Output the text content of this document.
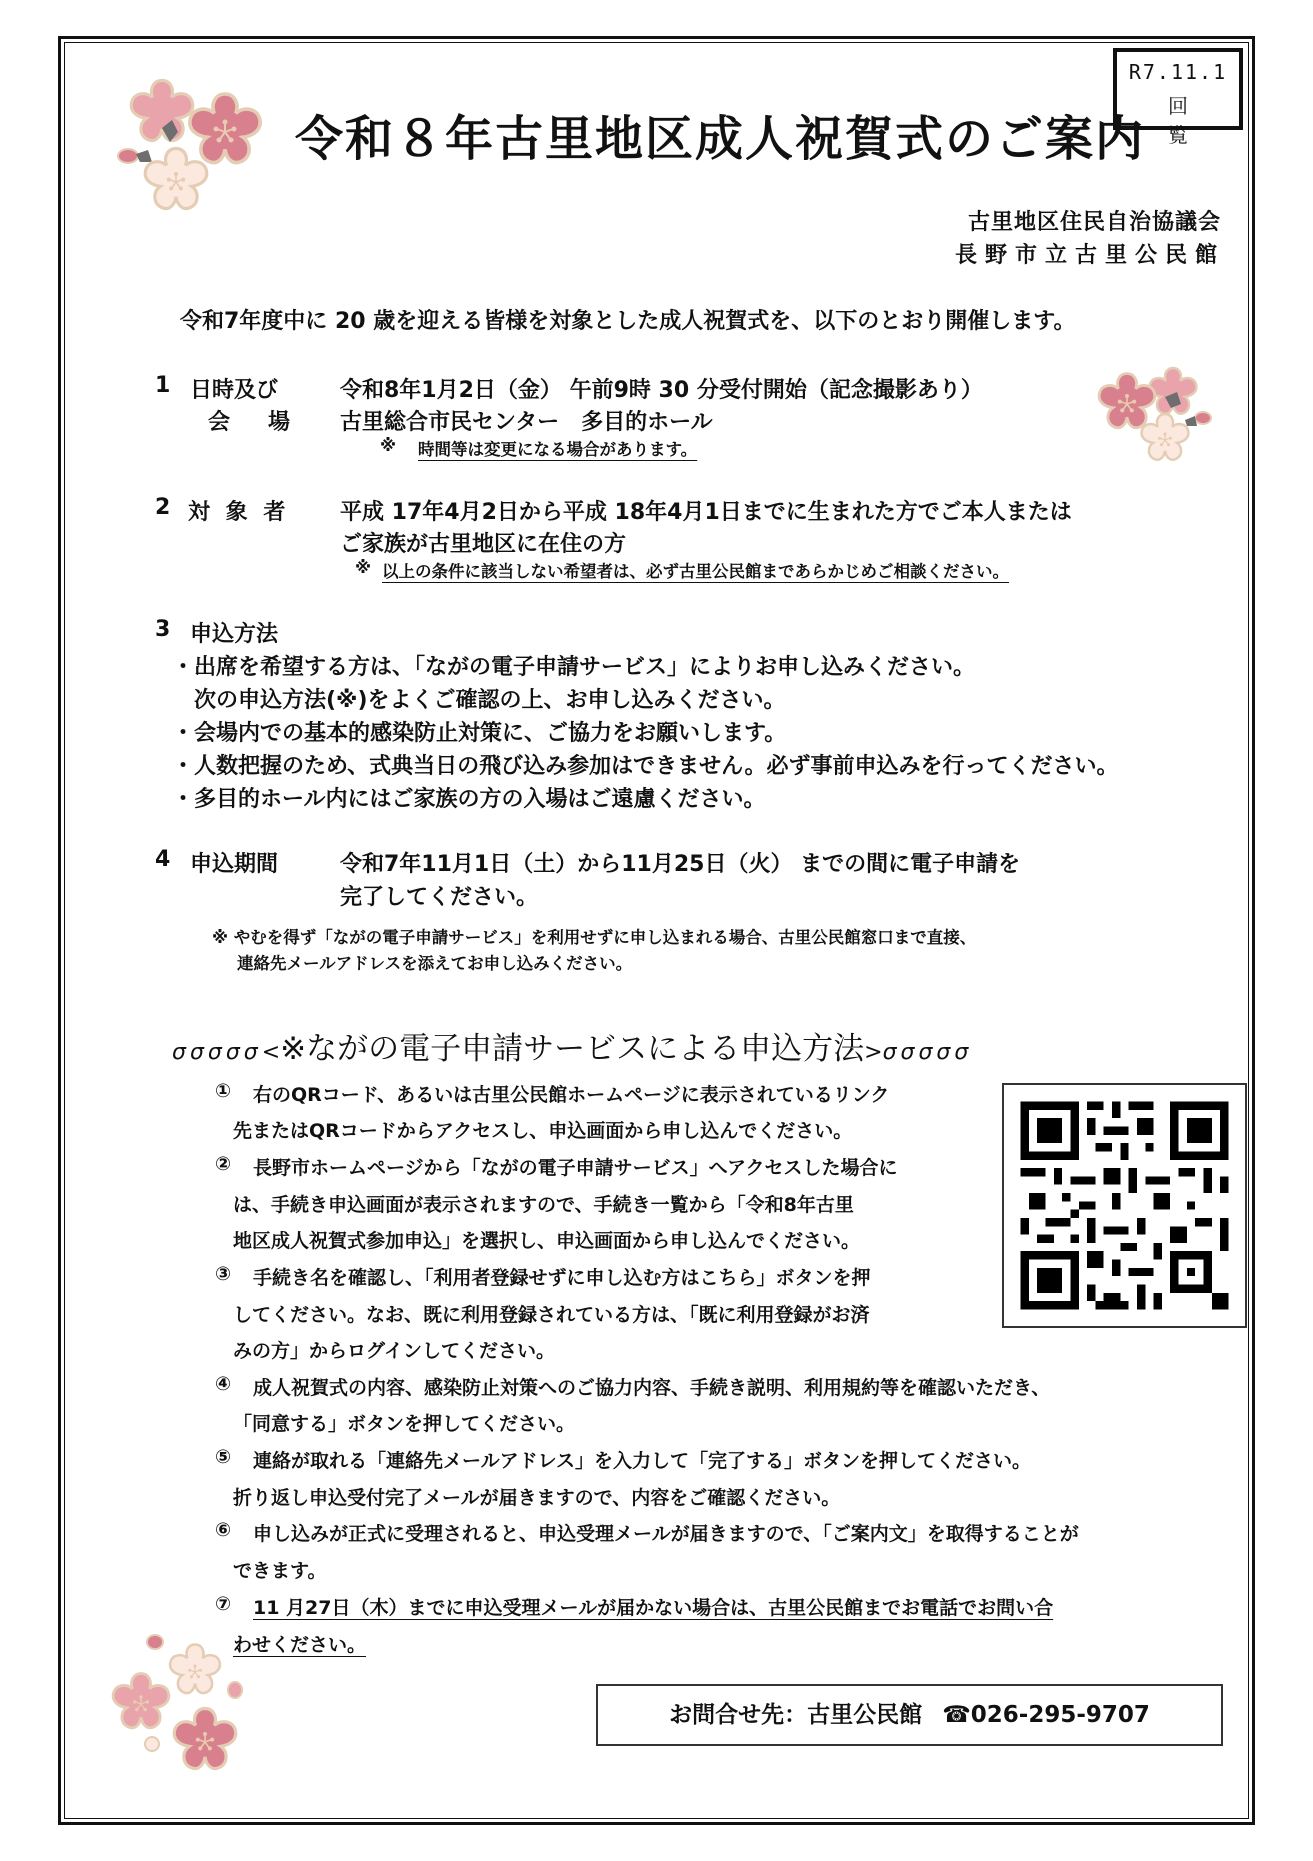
R7.11.1
回　覧
令和８年古里地区成人祝賀式のご案内
古里地区住民自治協議会
長野市立古里公民館
令和7年度中に 20 歳を迎える皆様を対象とした成人祝賀式を、以下のとおり開催します。
1 日時及び
会　場
令和8年1月2日（金） 午前9時 30 分受付開始（記念撮影あり）
古里総合市民センター　多目的ホール
※ 時間等は変更になる場合があります。
2 対 象 者 平成 17年4月2日から平成 18年4月1日までに生まれた方でご本人または
ご家族が古里地区に在住の方
※ 以上の条件に該当しない希望者は、必ず古里公民館まであらかじめご相談ください。
3 申込方法
・出席を希望する方は、「ながの電子申請サービス」によりお申し込みください。
　次の申込方法(※)をよくご確認の上、お申し込みください。
・会場内での基本的感染防止対策に、ご協力をお願いします。
・人数把握のため、式典当日の飛び込み参加はできません。必ず事前申込みを行ってください。
・多目的ホール内にはご家族の方の入場はご遠慮ください。
4 申込期間	令和7年11月1日（土）から11月25日（火） までの間に電子申請を
完了してください。
※ やむを得ず「ながの電子申請サービス」を利用せずに申し込まれる場合、古里公民館窓口まで直接、
連絡先メールアドレスを添えてお申し込みください。
σσσσσ<※ながの電子申請サービスによる申込方法>σσσσσ
① 右のQRコード、あるいは古里公民館ホームページに表示されているリンク
先またはQRコードからアクセスし、申込画面から申し込んでください。
② 長野市ホームページから「ながの電子申請サービス」へアクセスした場合に
は、手続き申込画面が表示されますので、手続き一覧から「令和8年古里
地区成人祝賀式参加申込」を選択し、申込画面から申し込んでください。
③ 手続き名を確認し、「利用者登録せずに申し込む方はこちら」ボタンを押
してください。なお、既に利用登録されている方は、「既に利用登録がお済
みの方」からログインしてください。
④ 成人祝賀式の内容、感染防止対策へのご協力内容、手続き説明、利用規約等を確認いただき、
「同意する」ボタンを押してください。
⑤ 連絡が取れる「連絡先メールアドレス」を入力して「完了する」ボタンを押してください。
折り返し申込受付完了メールが届きますので、内容をご確認ください。
⑥ 申し込みが正式に受理されると、申込受理メールが届きますので、「ご案内文」を取得することが
できます。
⑦ 11 月27日（木）までに申込受理メールが届かない場合は、古里公民館までお電話でお問い合
わせください。
お問合せ先：古里公民館 ☎026-295-9707
